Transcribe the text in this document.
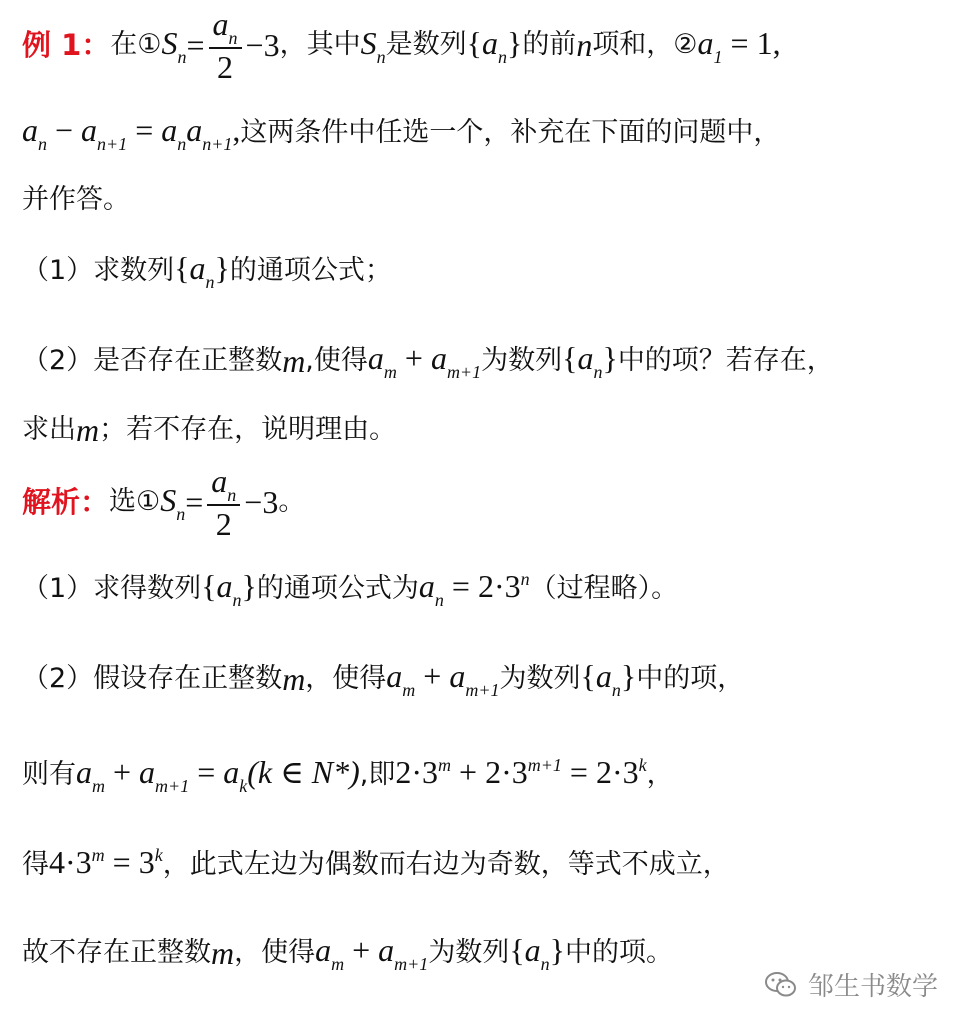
例 1： 在① $S_n = \frac{a_n}{2} -3$ ，其中 $S_n$ 是数列 $\{a_n\}$ 的前 n 项和，② $a_1 = 1$,
$a_n - a_{n+1} = a_na_{n+1}$, 这两条件中任选一个，补充在下面的问题中，
并作答。
（1）求数列 $\{a_n\}$ 的通项公式；
（2）是否存在正整数 m ,使得 $a_m + a_{m+1}$ 为数列 $\{a_n\}$ 中的项？若存在，
求出 m ；若不存在，说明理由。
解析： 选① $S_n = \frac{a_n}{2} -3$ 。
（1）求得数列 $\{a_n\}$ 的通项公式为 $a_n = 2\cdot 3^n$ （过程略）。
（2）假设存在正整数 m ，使得 $a_m + a_{m+1}$ 为数列 $\{a_n\}$ 中的项，
则有 $a_m + a_{m+1} = a_k(k$ ∈ N*) ,即 $2\cdot 3^m + 2\cdot 3^{m+1} = 2\cdot 3^k$ ，
得 $4\cdot 3^m = 3^k$ ，此式左边为偶数而右边为奇数，等式不成立，
故不存在正整数 m ，使得 $a_m + a_{m+1}$ 为数列 $\{a_n\}$ 中的项。
邹生书数学
